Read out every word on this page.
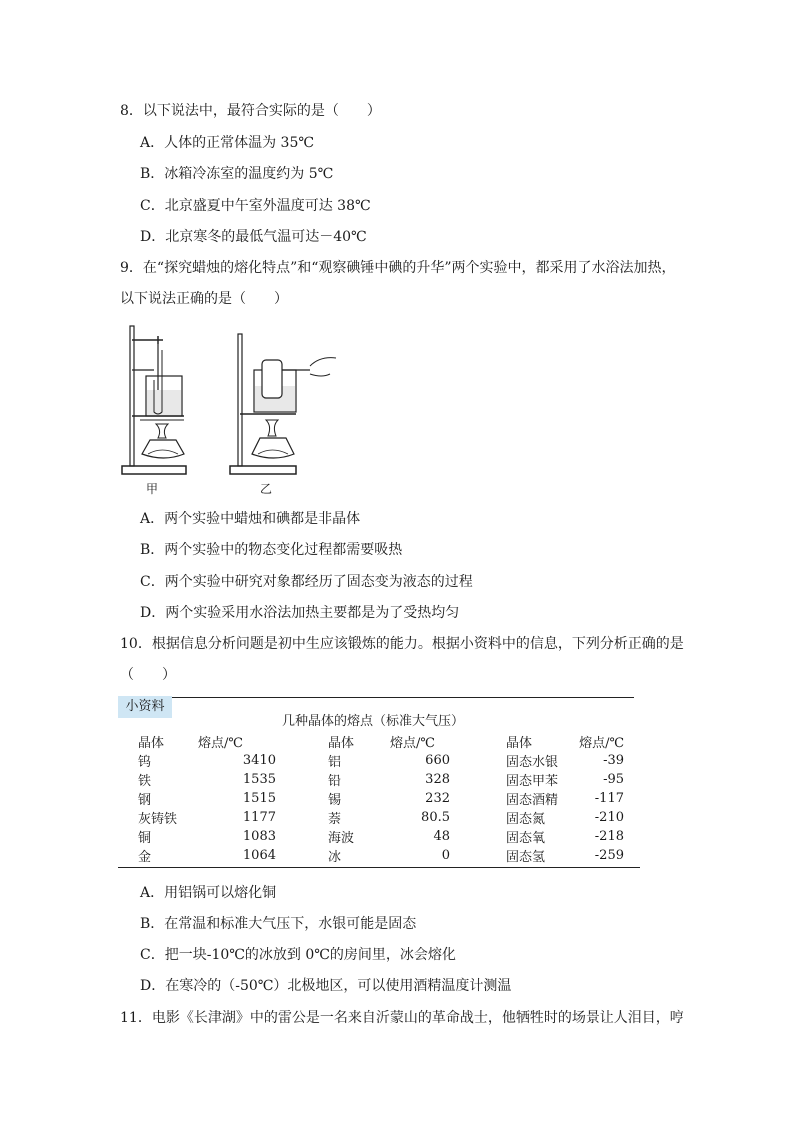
8．以下说法中，最符合实际的是（　　）
A．人体的正常体温为 35℃
B．冰箱冷冻室的温度约为 5℃
C．北京盛夏中午室外温度可达 38℃
D．北京寒冬的最低气温可达－40℃
9．在“探究蜡烛的熔化特点”和“观察碘锤中碘的升华”两个实验中，都采用了水浴法加热，
以下说法正确的是（　　）
甲	乙
A．两个实验中蜡烛和碘都是非晶体
B．两个实验中的物态变化过程都需要吸热
C．两个实验中研究对象都经历了固态变为液态的过程
D．两个实验采用水浴法加热主要都是为了受热均匀
10．根据信息分析问题是初中生应该锻炼的能力。根据小资料中的信息，下列分析正确的是
（　　）
小资料
几种晶体的熔点（标准大气压）
晶体	熔点/℃	晶体	熔点/℃	晶体	熔点/℃
钨	3410	铝	660	固态水银	-39
铁	1535	铅	328	固态甲苯	-95
钢	1515	锡	232	固态酒精	-117
灰铸铁	1177	萘	80.5	固态氮	-210
铜	1083	海波	48	固态氧	-218
金	1064	冰	0	固态氢	-259
A．用铝锅可以熔化铜
B．在常温和标准大气压下，水银可能是固态
C．把一块-10℃的冰放到 0℃的房间里，冰会熔化
D．在寒冷的（-50℃）北极地区，可以使用酒精温度计测温
11．电影《长津湖》中的雷公是一名来自沂蒙山的革命战士，他牺牲时的场景让人泪目，哼
